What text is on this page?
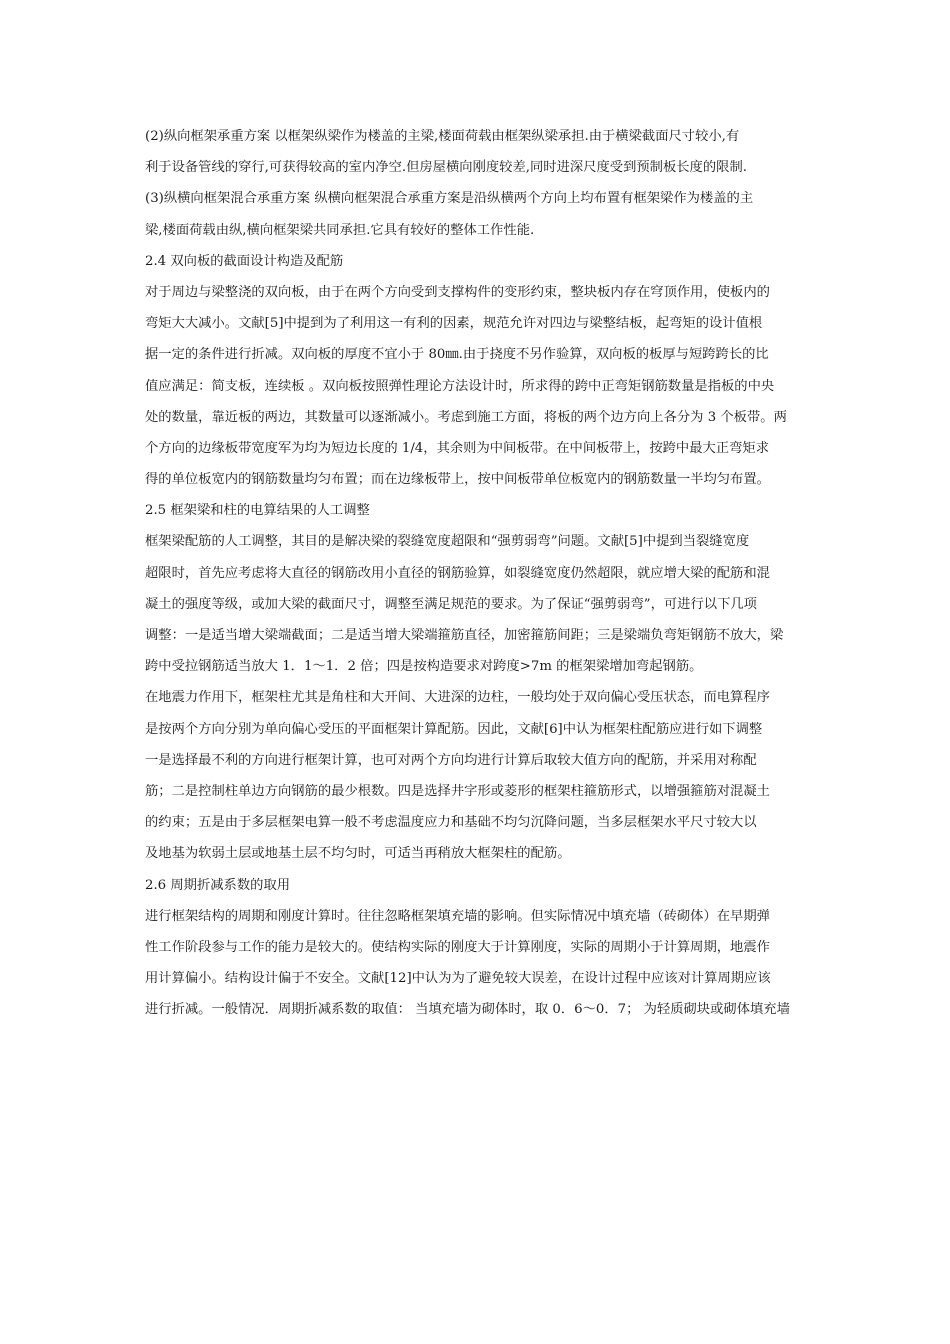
(2)纵向框架承重方案 以框架纵梁作为楼盖的主梁,楼面荷载由框架纵梁承担.由于横梁截面尺寸较小,有
利于设备管线的穿行,可获得较高的室内净空.但房屋横向刚度较差,同时进深尺度受到预制板长度的限制.
(3)纵横向框架混合承重方案 纵横向框架混合承重方案是沿纵横两个方向上均布置有框架梁作为楼盖的主
梁,楼面荷载由纵,横向框架梁共同承担.它具有较好的整体工作性能.
2.4 双向板的截面设计构造及配筋
对于周边与梁整浇的双向板，由于在两个方向受到支撑构件的变形约束，整块板内存在穹顶作用，使板内的
弯矩大大减小。文献[5]中提到为了利用这一有利的因素，规范允许对四边与梁整结板，起弯矩的设计值根
据一定的条件进行折减。双向板的厚度不宜小于 80㎜.由于挠度不另作验算，双向板的板厚与短跨跨长的比
值应满足：简支板，连续板 。双向板按照弹性理论方法设计时，所求得的跨中正弯矩钢筋数量是指板的中央
处的数量，靠近板的两边，其数量可以逐渐减小。考虑到施工方面，将板的两个边方向上各分为 3 个板带。两
个方向的边缘板带宽度军为均为短边长度的 1/4，其余则为中间板带。在中间板带上，按跨中最大正弯矩求
得的单位板宽内的钢筋数量均匀布置；而在边缘板带上，按中间板带单位板宽内的钢筋数量一半均匀布置。
2.5 框架梁和柱的电算结果的人工调整
框架梁配筋的人工调整，其目的是解决梁的裂缝宽度超限和“强剪弱弯”问题。文献[5]中提到当裂缝宽度
超限时，首先应考虑将大直径的钢筋改用小直径的钢筋验算，如裂缝宽度仍然超限，就应增大梁的配筋和混
凝土的强度等级，或加大梁的截面尺寸，调整至满足规范的要求。为了保证“强剪弱弯”，可进行以下几项
调整：一是适当增大梁端截面；二是适当增大梁端箍筋直径，加密箍筋间距；三是梁端负弯矩钢筋不放大，梁
跨中受拉钢筋适当放大 1．1～1．2 倍；四是按构造要求对跨度>7m 的框架梁增加弯起钢筋。
在地震力作用下，框架柱尤其是角柱和大开间、大进深的边柱，一般均处于双向偏心受压状态，而电算程序
是按两个方向分别为单向偏心受压的平面框架计算配筋。因此，文献[6]中认为框架柱配筋应进行如下调整
一是选择最不利的方向进行框架计算，也可对两个方向均进行计算后取较大值方向的配筋，并采用对称配
筋；二是控制柱单边方向钢筋的最少根数。四是选择井字形或菱形的框架柱箍筋形式，以增强箍筋对混凝土
的约束；五是由于多层框架电算一般不考虑温度应力和基础不均匀沉降问题，当多层框架水平尺寸较大以
及地基为软弱土层或地基土层不均匀时，可适当再稍放大框架柱的配筋。
2.6 周期折减系数的取用
进行框架结构的周期和刚度计算时。往往忽略框架填充墙的影响。但实际情况中填充墙（砖砌体）在早期弹
性工作阶段参与工作的能力是较大的。使结构实际的刚度大于计算刚度，实际的周期小于计算周期，地震作
用计算偏小。结构设计偏于不安全。文献[12]中认为为了避免较大误差，在设计过程中应该对计算周期应该
进行折减。一般情况．周期折减系数的取值： 当填充墙为砌体时，取 0．6～0．7； 为轻质砌块或砌体填充墙
